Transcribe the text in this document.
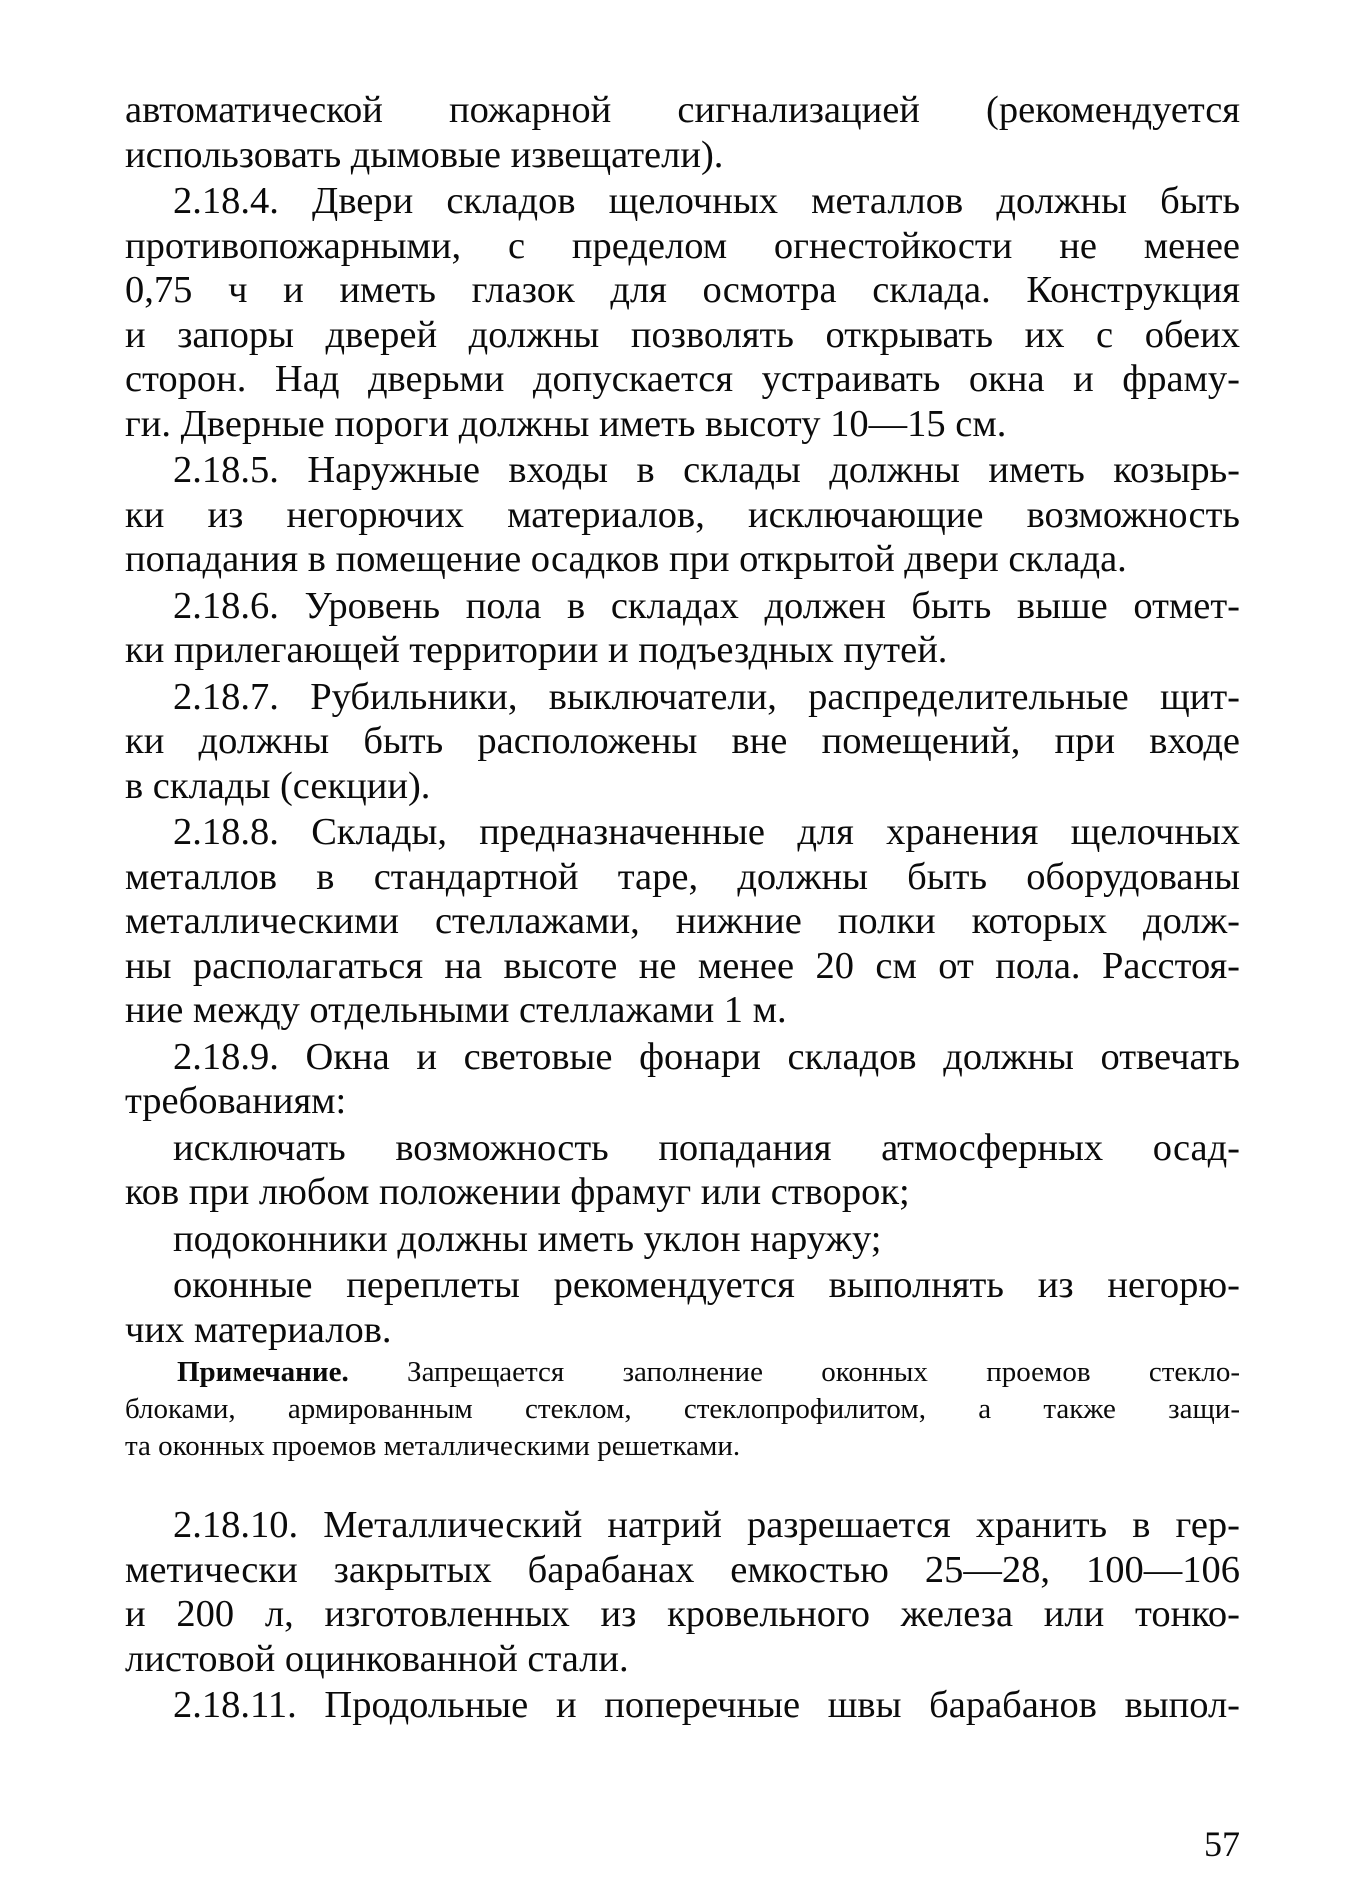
автоматической пожарной сигнализацией (рекомендуется
использовать дымовые извещатели).
2.18.4. Двери складов щелочных металлов должны быть
противопожарными, с пределом огнестойкости не менее
0,75 ч и иметь глазок для осмотра склада. Конструкция
и запоры дверей должны позволять открывать их с обеих
сторон. Над дверьми допускается устраивать окна и фраму-
ги. Дверные пороги должны иметь высоту 10—15 см.
2.18.5. Наружные входы в склады должны иметь козырь-
ки из негорючих материалов, исключающие возможность
попадания в помещение осадков при открытой двери склада.
2.18.6. Уровень пола в складах должен быть выше отмет-
ки прилегающей территории и подъездных путей.
2.18.7. Рубильники, выключатели, распределительные щит-
ки должны быть расположены вне помещений, при входе
в склады (секции).
2.18.8. Склады, предназначенные для хранения щелочных
металлов в стандартной таре, должны быть оборудованы
металлическими стеллажами, нижние полки которых долж-
ны располагаться на высоте не менее 20 см от пола. Расстоя-
ние между отдельными стеллажами 1 м.
2.18.9. Окна и световые фонари складов должны отвечать
требованиям:
исключать возможность попадания атмосферных осад-
ков при любом положении фрамуг или створок;
подоконники должны иметь уклон наружу;
оконные переплеты рекомендуется выполнять из негорю-
чих материалов.
Примечание. Запрещается заполнение оконных проемов стекло-
блоками, армированным стеклом, стеклопрофилитом, а также защи-
та оконных проемов металлическими решетками.
2.18.10. Металлический натрий разрешается хранить в гер-
метически закрытых барабанах емкостью 25—28, 100—106
и 200 л, изготовленных из кровельного железа или тонко-
листовой оцинкованной стали.
2.18.11. Продольные и поперечные швы барабанов выпол-
57
